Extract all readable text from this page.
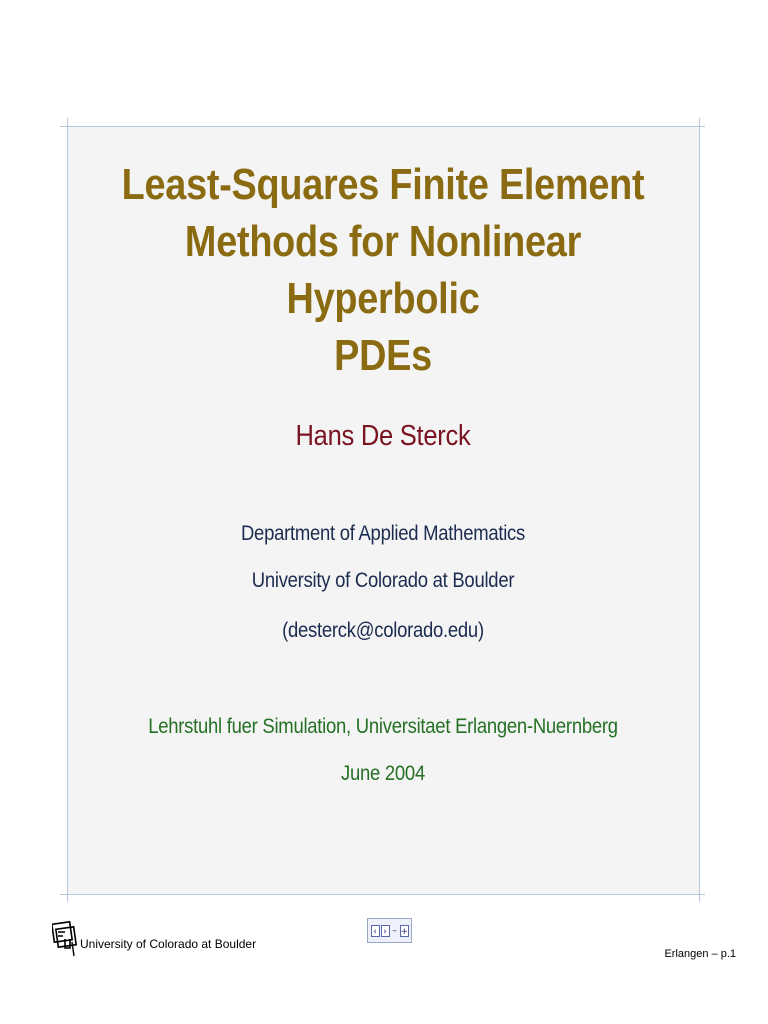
Least-Squares Finite Element
Methods for Nonlinear Hyperbolic
PDEs

Hans De Sterck

Department of Applied Mathematics

University of Colorado at Boulder

(desterck@colorado.edu)

Lehrstuhl fuer Simulation, Universitaet Erlangen-Nuernberg

June 2004

University of Colorado at Boulder
‹ › – +
Erlangen – p.1
